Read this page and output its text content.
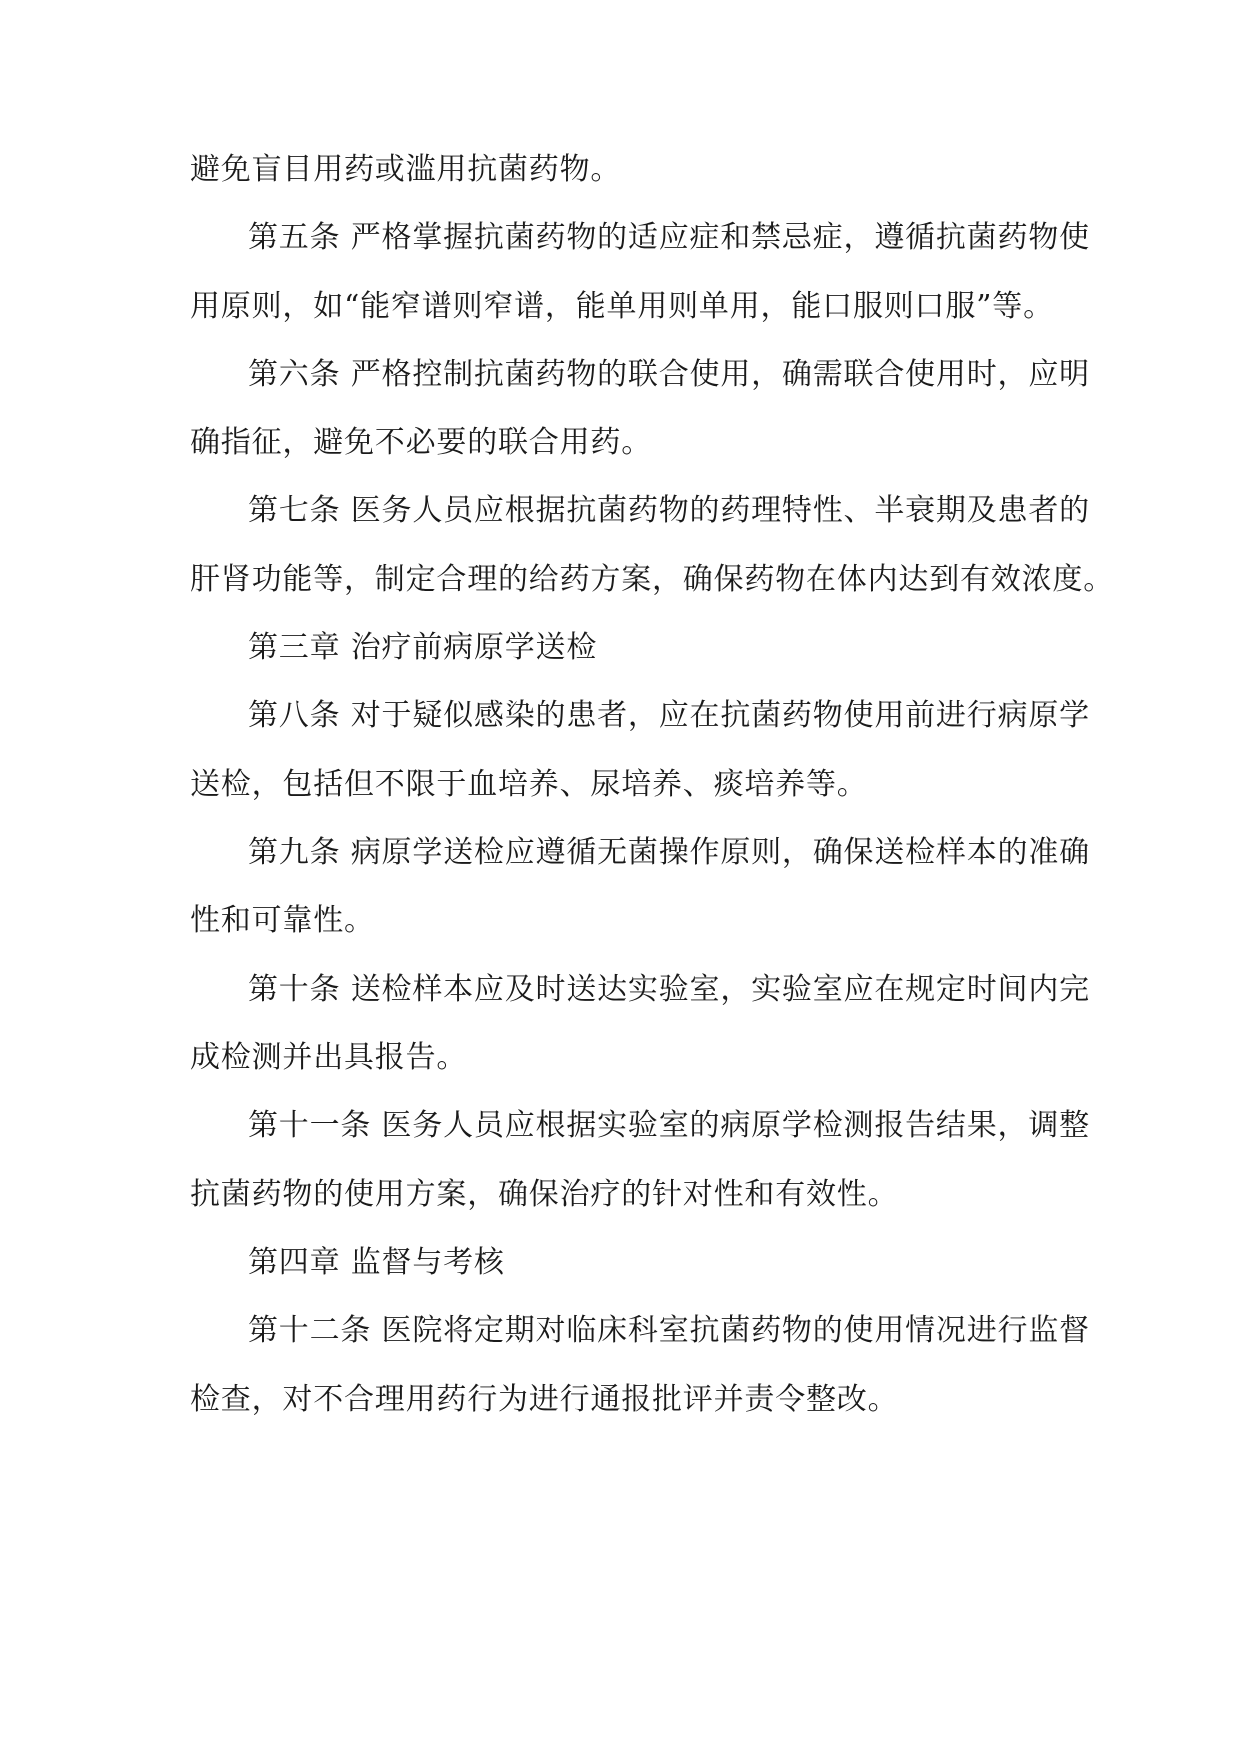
避免盲目用药或滥用抗菌药物。
第五条 严格掌握抗菌药物的适应症和禁忌症，遵循抗菌药物使
用原则，如“能窄谱则窄谱，能单用则单用，能口服则口服”等。
第六条 严格控制抗菌药物的联合使用，确需联合使用时，应明
确指征，避免不必要的联合用药。
第七条 医务人员应根据抗菌药物的药理特性、半衰期及患者的
肝肾功能等，制定合理的给药方案，确保药物在体内达到有效浓度。
第三章 治疗前病原学送检
第八条 对于疑似感染的患者，应在抗菌药物使用前进行病原学
送检，包括但不限于血培养、尿培养、痰培养等。
第九条 病原学送检应遵循无菌操作原则，确保送检样本的准确
性和可靠性。
第十条 送检样本应及时送达实验室，实验室应在规定时间内完
成检测并出具报告。
第十一条 医务人员应根据实验室的病原学检测报告结果，调整
抗菌药物的使用方案，确保治疗的针对性和有效性。
第四章 监督与考核
第十二条 医院将定期对临床科室抗菌药物的使用情况进行监督
检查，对不合理用药行为进行通报批评并责令整改。
